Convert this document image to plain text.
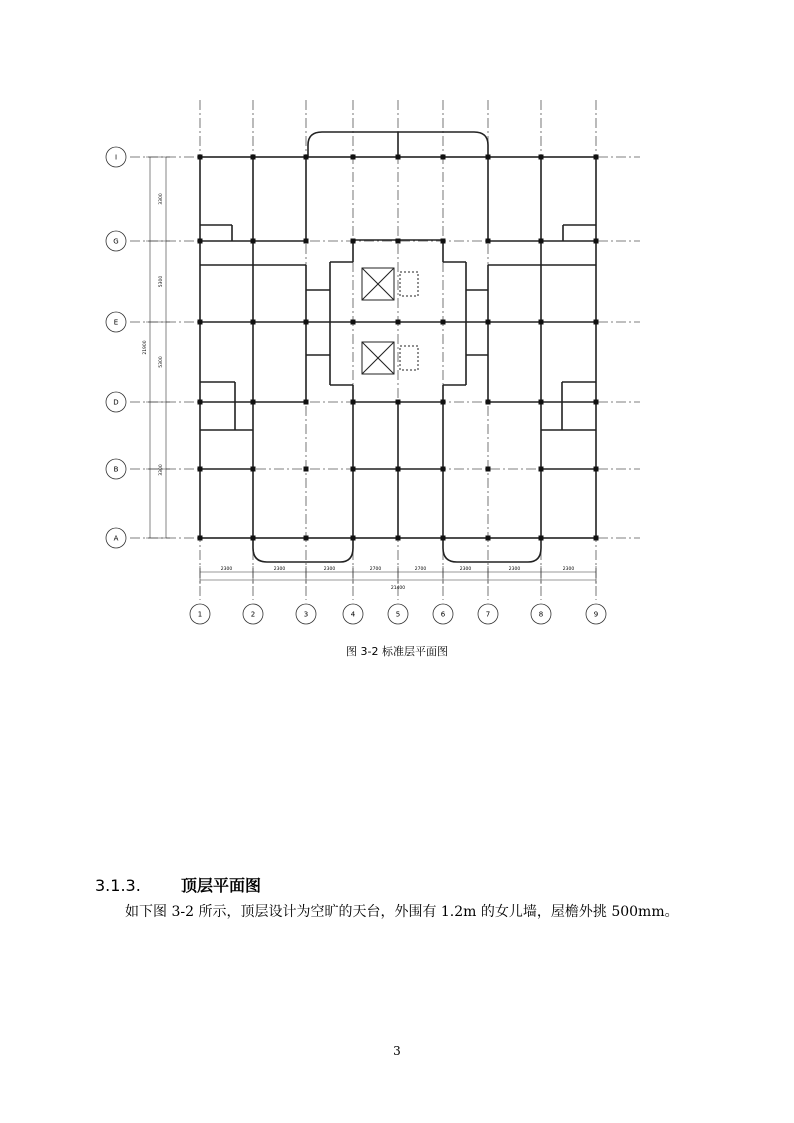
2300	2300	2300	2700	2700	2300	2300	2300
21400
3300
5300
5300
3300
21900
I
G
E
D
B
A
1	2	3	4	5	6	7	8	9
图 3-2 标准层平面图
3.1.3.	顶层平面图
如下图 3-2 所示，顶层设计为空旷的天台，外围有 1.2m 的女儿墙，屋檐外挑 500mm。
3
